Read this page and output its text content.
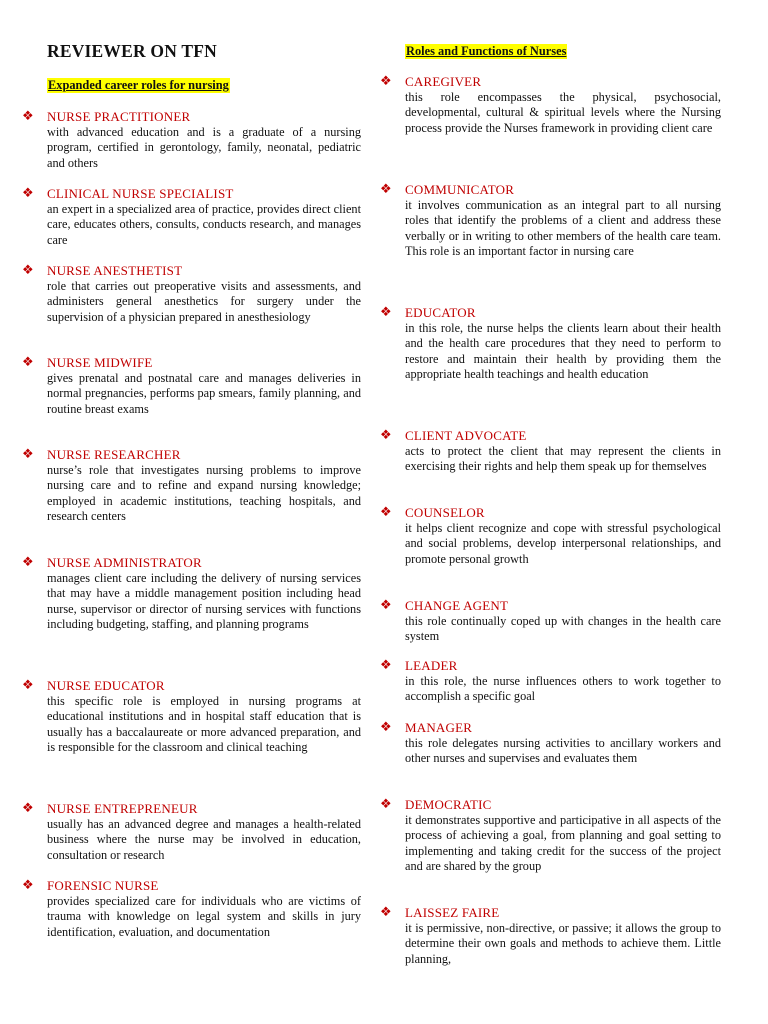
REVIEWER ON TFN
Expanded career roles for nursing
Roles and Functions of Nurses
❖ NURSE PRACTITIONER

with advanced education and is a graduate of a nursing program, certified in gerontology, family, neonatal, pediatric and others

❖ CLINICAL NURSE SPECIALIST

an expert in a specialized area of practice, provides direct client care, educates others, consults, conducts research, and manages care

❖ NURSE ANESTHETIST

role that carries out preoperative visits and assessments, and administers general anesthetics for surgery under the supervision of a physician prepared in anesthesiology

❖ NURSE MIDWIFE

gives prenatal and postnatal care and manages deliveries in normal pregnancies, performs pap smears, family planning, and routine breast exams

❖ NURSE RESEARCHER

nurse’s role that investigates nursing problems to improve nursing care and to refine and expand nursing knowledge; employed in academic institutions, teaching hospitals, and research centers

❖ NURSE ADMINISTRATOR

manages client care including the delivery of nursing services that may have a middle management position including head nurse, supervisor or director of nursing services with functions including budgeting, staffing, and planning programs

❖ NURSE EDUCATOR

this specific role is employed in nursing programs at educational institutions and in hospital staff education that is usually has a baccalaureate or more advanced preparation, and is responsible for the classroom and clinical teaching

❖ NURSE ENTREPRENEUR

usually has an advanced degree and manages a health-related business where the nurse may be involved in education, consultation or research

❖ FORENSIC NURSE

provides specialized care for individuals who are victims of trauma with knowledge on legal system and skills in jury identification, evaluation, and documentation

❖ CAREGIVER

this role encompasses the physical, psychosocial, developmental, cultural & spiritual levels where the Nursing process provide the Nurses framework in providing client care

❖ COMMUNICATOR

it involves communication as an integral part to all nursing roles that identify the problems of a client and address these verbally or in writing to other members of the health care team. This role is an important factor in nursing care

❖ EDUCATOR

in this role, the nurse helps the clients learn about their health and the health care procedures that they need to perform to restore and maintain their health by providing them the appropriate health teachings and health education

❖ CLIENT ADVOCATE

acts to protect the client that may represent the clients in exercising their rights and help them speak up for themselves

❖ COUNSELOR

it helps client recognize and cope with stressful psychological and social problems, develop interpersonal relationships, and promote personal growth

❖ CHANGE AGENT

this role continually coped up with changes in the health care system

❖ LEADER

in this role, the nurse influences others to work together to accomplish a specific goal

❖ MANAGER

this role delegates nursing activities to ancillary workers and other nurses and supervises and evaluates them

❖ DEMOCRATIC

it demonstrates supportive and participative in all aspects of the process of achieving a goal, from planning and goal setting to implementing and taking credit for the success of the project and are shared by the group

❖ LAISSEZ FAIRE

it is permissive, non-directive, or passive; it allows the group to determine their own goals and methods to achieve them. Little planning,
